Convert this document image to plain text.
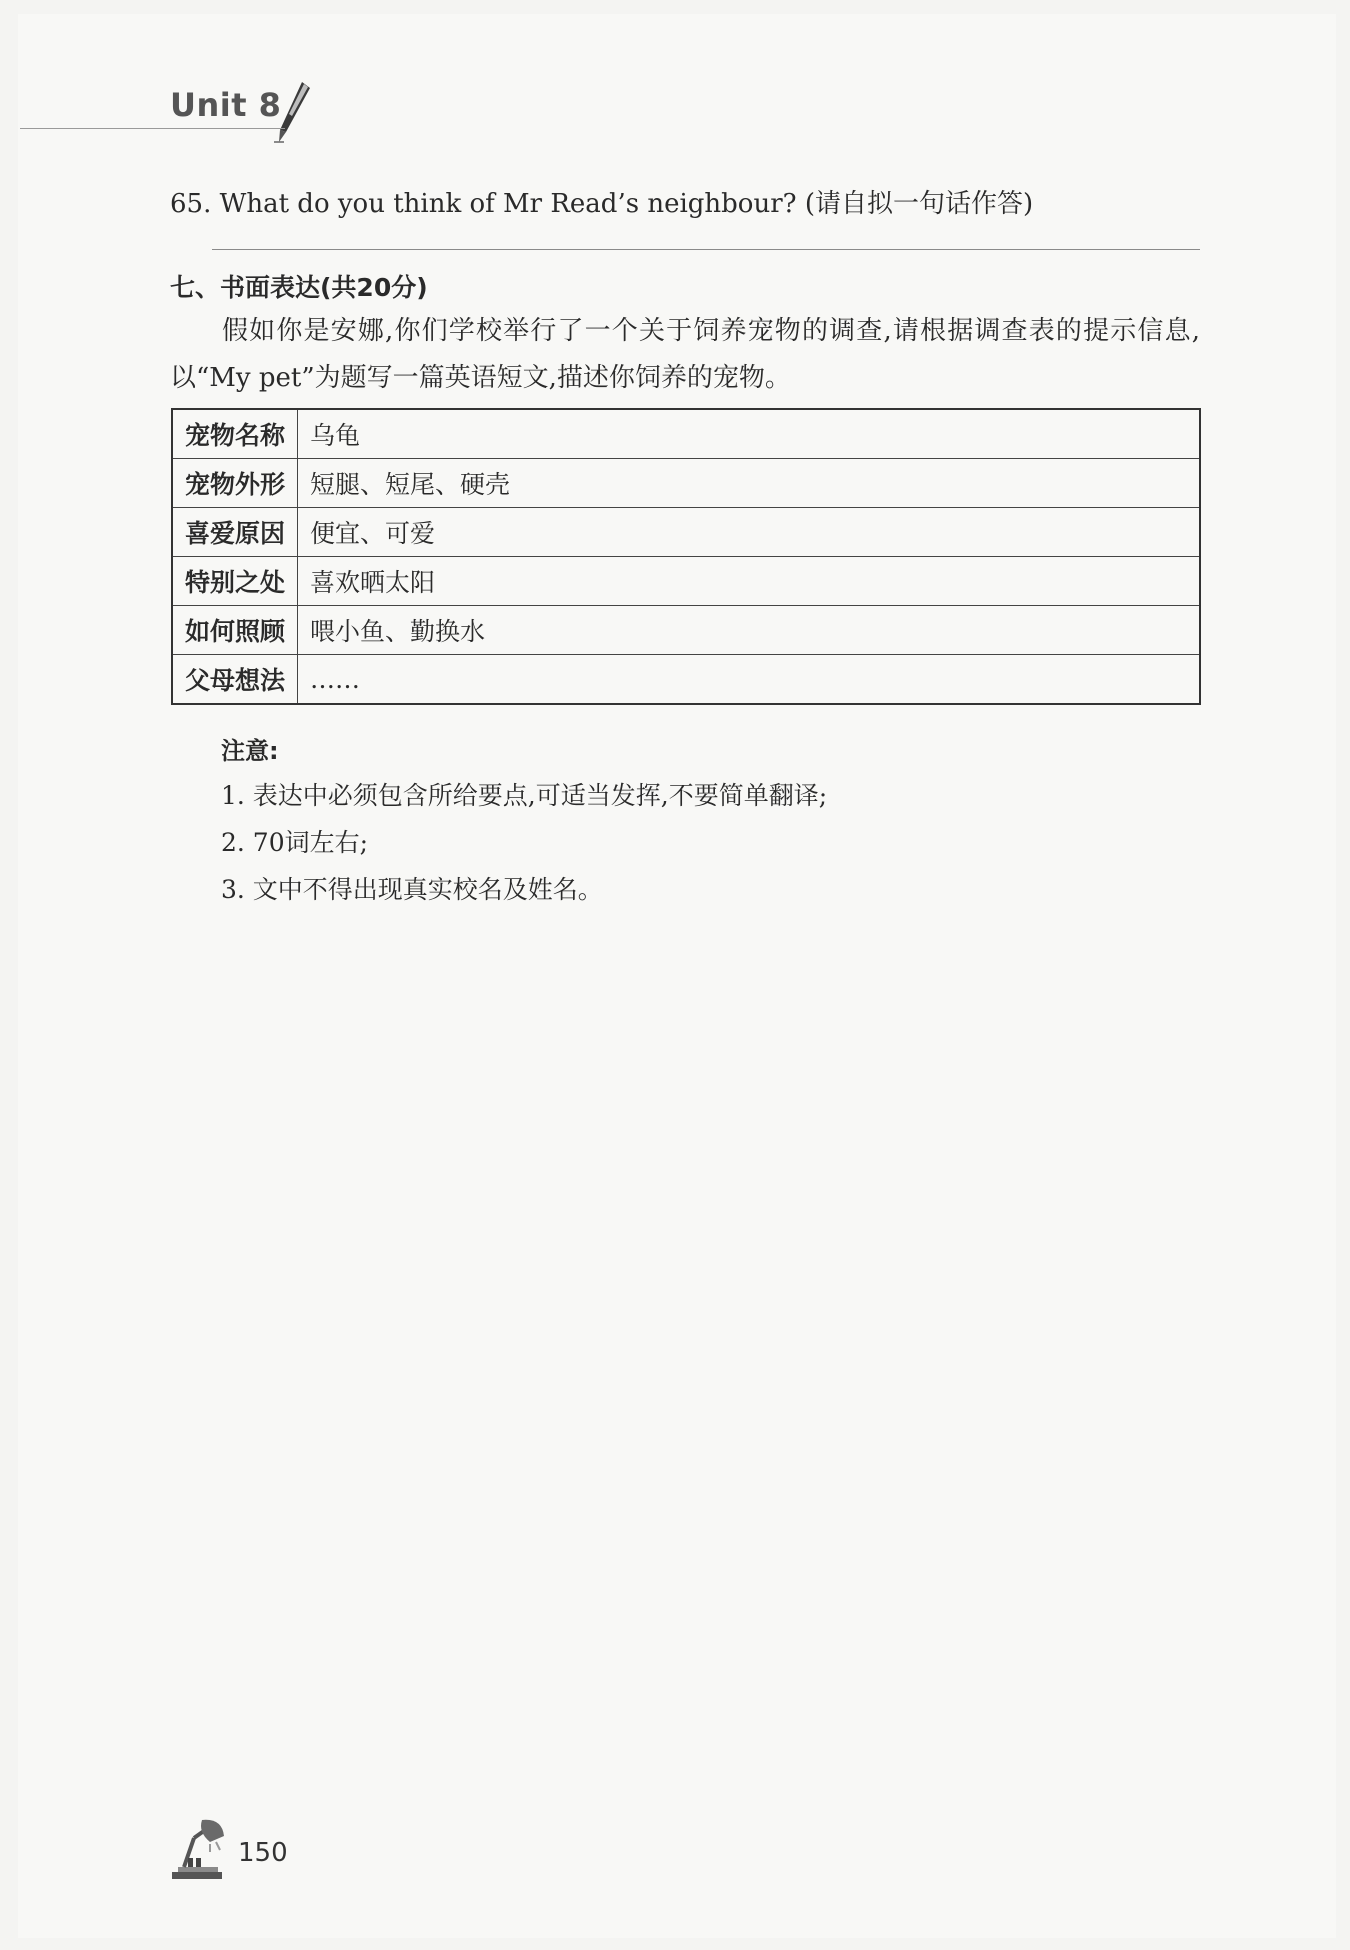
Unit 8
65. What do you think of Mr Read’s neighbour? (请自拟一句话作答)
七、书面表达(共20分)
假如你是安娜,你们学校举行了一个关于饲养宠物的调查,请根据调查表的提示信息,以“My pet”为题写一篇英语短文,描述你饲养的宠物。
宠物名称	乌龟
宠物外形	短腿、短尾、硬壳
喜爱原因	便宜、可爱
特别之处	喜欢晒太阳
如何照顾	喂小鱼、勤换水
父母想法	……
注意:
1. 表达中必须包含所给要点,可适当发挥,不要简单翻译;
2. 70词左右;
3. 文中不得出现真实校名及姓名。
150
